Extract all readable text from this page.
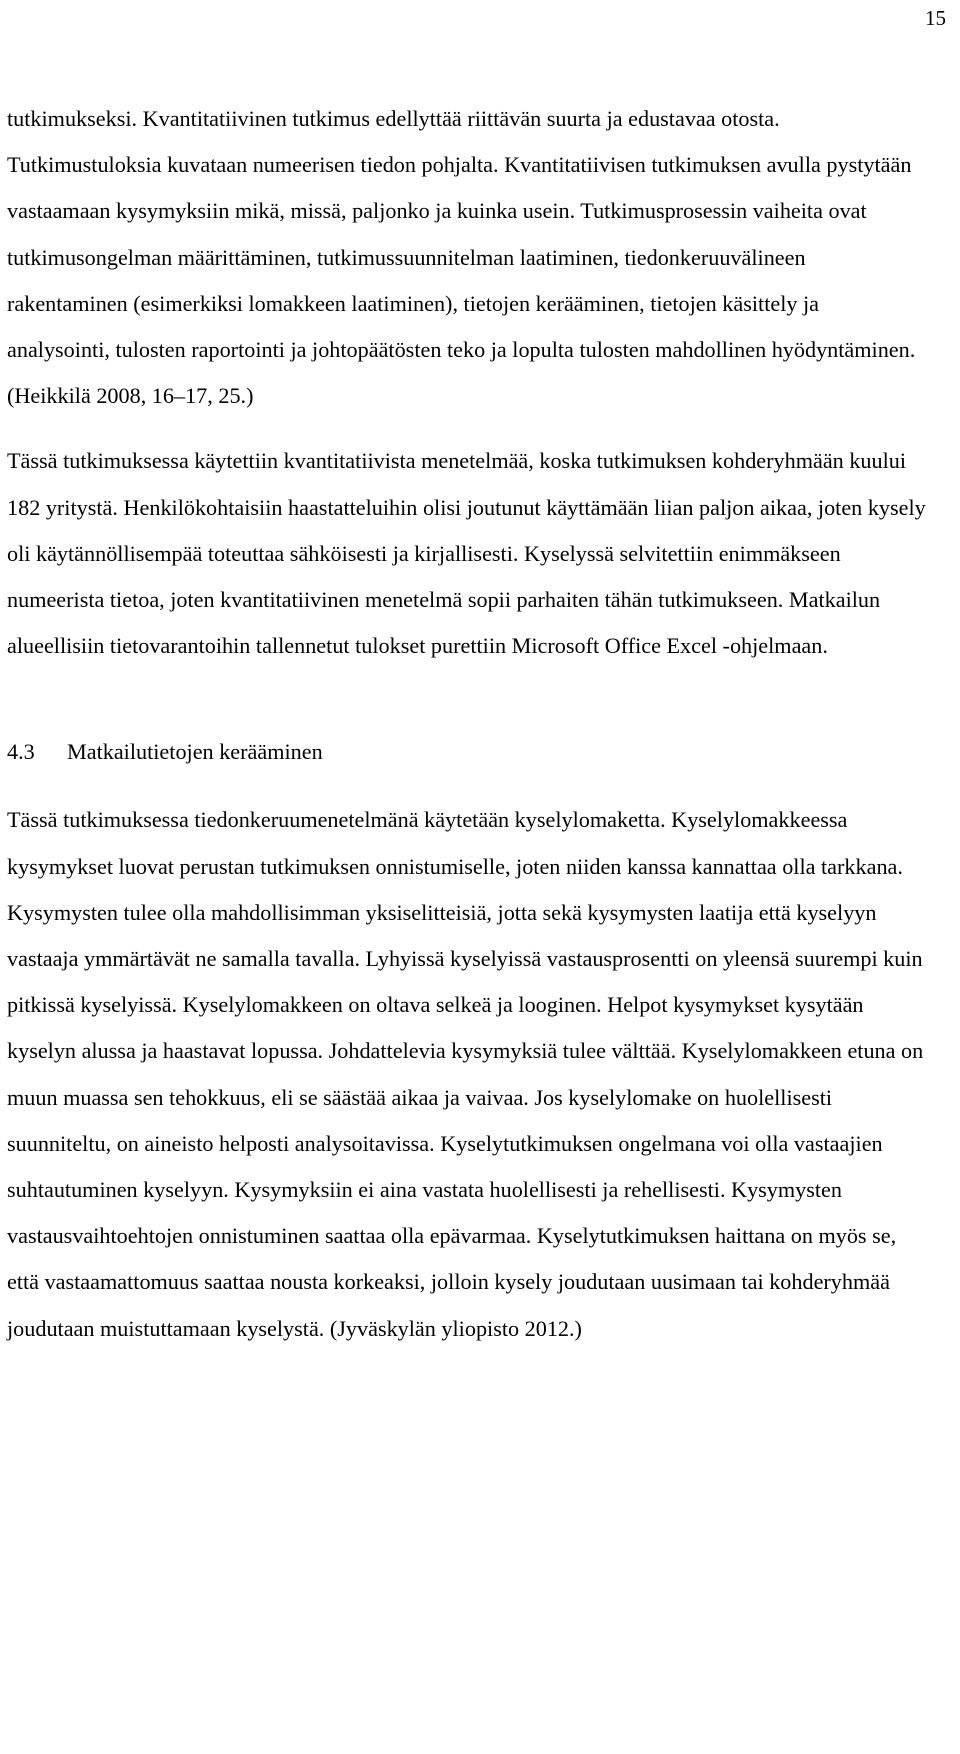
15

tutkimukseksi. Kvantitatiivinen tutkimus edellyttää riittävän suurta ja edustavaa otosta. Tutkimustuloksia kuvataan numeerisen tiedon pohjalta. Kvantitatiivisen tutkimuksen avulla pystytään vastaamaan kysymyksiin mikä, missä, paljonko ja kuinka usein. Tutkimusprosessin vaiheita ovat tutkimusongelman määrittäminen, tutkimussuunnitelman laatiminen, tiedonkeruuvälineen rakentaminen (esimerkiksi lomakkeen laatiminen), tietojen kerääminen, tietojen käsittely ja analysointi, tulosten raportointi ja johtopäätösten teko ja lopulta tulosten mahdollinen hyödyntäminen. (Heikkilä 2008, 16–17, 25.)

Tässä tutkimuksessa käytettiin kvantitatiivista menetelmää, koska tutkimuksen kohderyhmään kuului 182 yritystä. Henkilökohtaisiin haastatteluihin olisi joutunut käyttämään liian paljon aikaa, joten kysely oli käytännöllisempää toteuttaa sähköisesti ja kirjallisesti. Kyselyssä selvitettiin enimmäkseen numeerista tietoa, joten kvantitatiivinen menetelmä sopii parhaiten tähän tutkimukseen. Matkailun alueellisiin tietovarantoihin tallennetut tulokset purettiin Microsoft Office Excel -ohjelmaan.

4.3	Matkailutietojen kerääminen

Tässä tutkimuksessa tiedonkeruumenetelmänä käytetään kyselylomaketta. Kyselylomakkeessa kysymykset luovat perustan tutkimuksen onnistumiselle, joten niiden kanssa kannattaa olla tarkkana. Kysymysten tulee olla mahdollisimman yksiselitteisiä, jotta sekä kysymysten laatija että kyselyyn vastaaja ymmärtävät ne samalla tavalla. Lyhyissä kyselyissä vastausprosentti on yleensä suurempi kuin pitkissä kyselyissä. Kyselylomakkeen on oltava selkeä ja looginen. Helpot kysymykset kysytään kyselyn alussa ja haastavat lopussa. Johdattelevia kysymyksiä tulee välttää. Kyselylomakkeen etuna on muun muassa sen tehokkuus, eli se säästää aikaa ja vaivaa. Jos kyselylomake on huolellisesti suunniteltu, on aineisto helposti analysoitavissa. Kyselytutkimuksen ongelmana voi olla vastaajien suhtautuminen kyselyyn. Kysymyksiin ei aina vastata huolellisesti ja rehellisesti. Kysymysten vastausvaihtoehtojen onnistuminen saattaa olla epävarmaa. Kyselytutkimuksen haittana on myös se, että vastaamattomuus saattaa nousta korkeaksi, jolloin kysely joudutaan uusimaan tai kohderyhmää joudutaan muistuttamaan kyselystä. (Jyväskylän yliopisto 2012.)
